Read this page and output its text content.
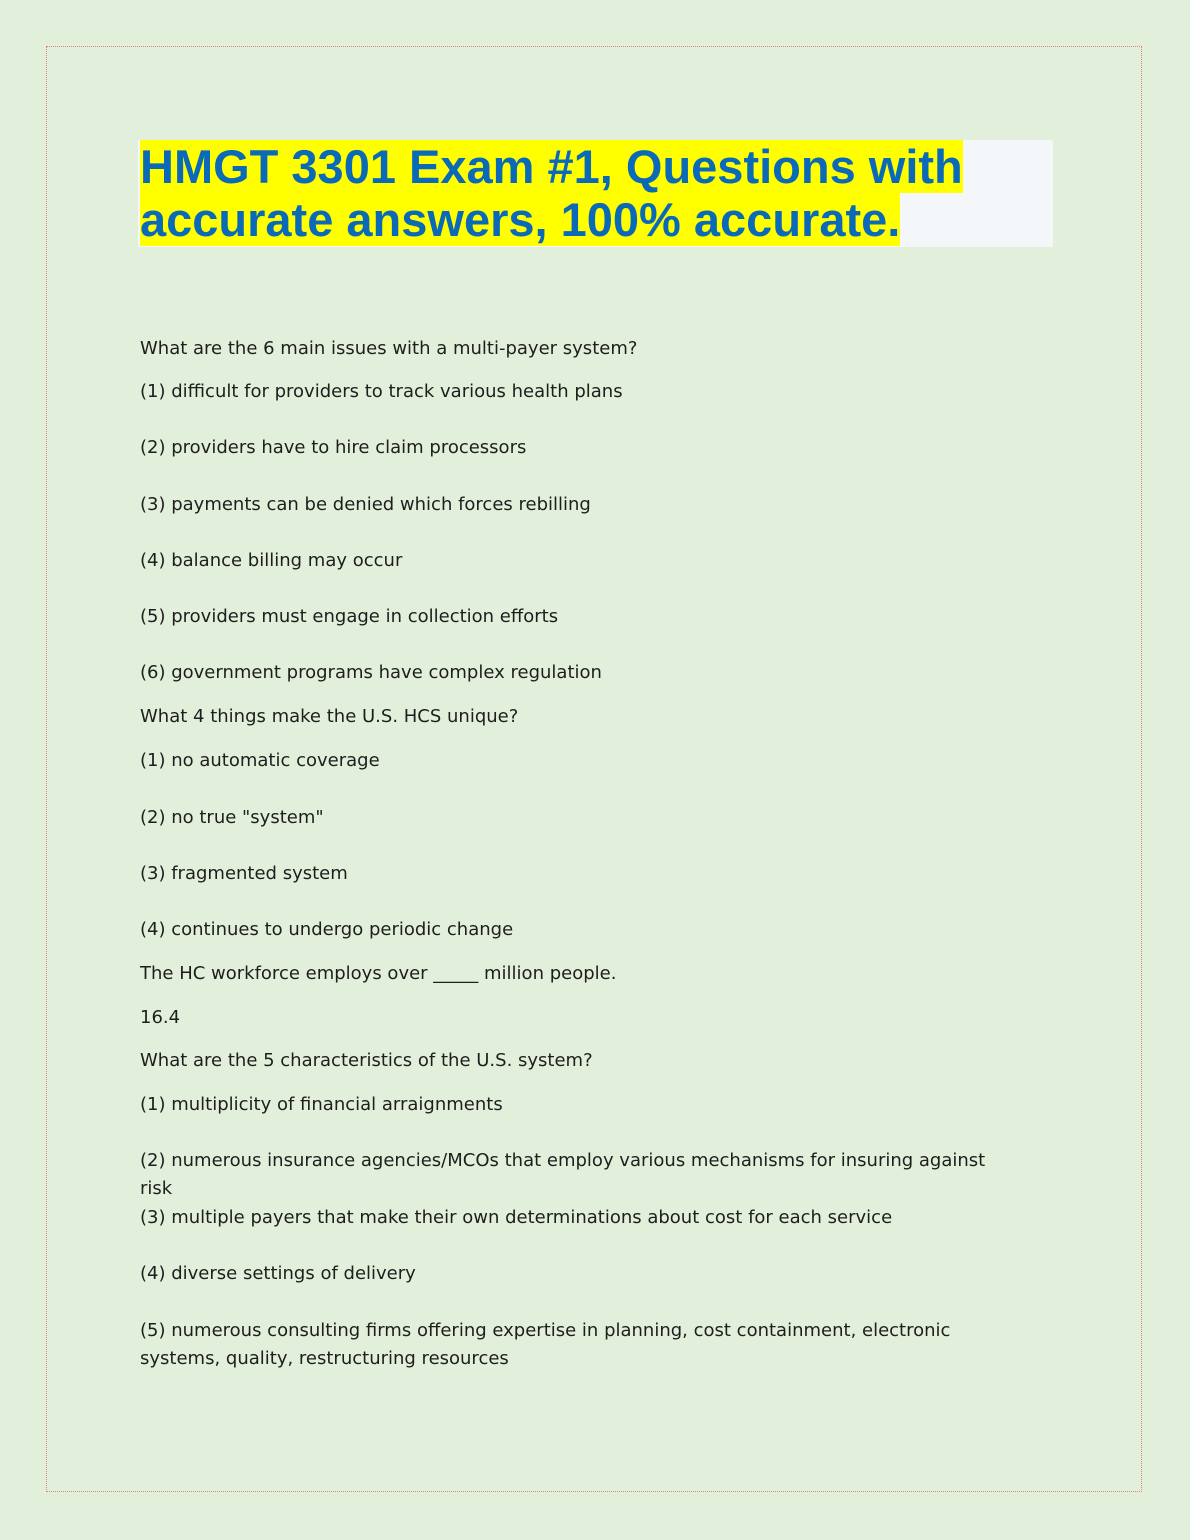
HMGT 3301 Exam #1, Questions with
accurate answers, 100% accurate.
What are the 6 main issues with a multi-payer system?
(1) difficult for providers to track various health plans
(2) providers have to hire claim processors
(3) payments can be denied which forces rebilling
(4) balance billing may occur
(5) providers must engage in collection efforts
(6) government programs have complex regulation
What 4 things make the U.S. HCS unique?
(1) no automatic coverage
(2) no true "system"
(3) fragmented system
(4) continues to undergo periodic change
The HC workforce employs over _____ million people.
16.4
What are the 5 characteristics of the U.S. system?
(1) multiplicity of financial arraignments
(2) numerous insurance agencies/MCOs that employ various mechanisms for insuring against risk
(3) multiple payers that make their own determinations about cost for each service
(4) diverse settings of delivery
(5) numerous consulting firms offering expertise in planning, cost containment, electronic systems, quality, restructuring resources
